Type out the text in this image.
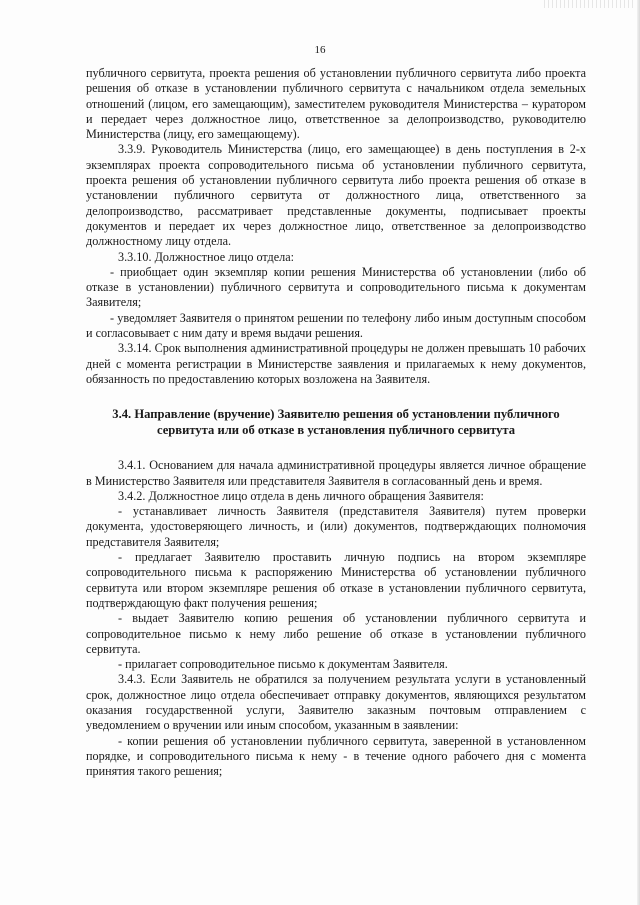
16

публичного сервитута, проекта решения об установлении публичного сервитута либо проекта решения об отказе в установлении публичного сервитута с начальником отдела земельных отношений (лицом, его замещающим), заместителем руководителя Министерства – куратором и передает через должностное лицо, ответственное за делопроизводство, руководителю Министерства (лицу, его замещающему).

3.3.9. Руководитель Министерства (лицо, его замещающее) в день поступления в 2-х экземплярах проекта сопроводительного письма об установлении публичного сервитута, проекта решения об установлении публичного сервитута либо проекта решения об отказе в установлении публичного сервитута от должностного лица, ответственного за делопроизводство, рассматривает представленные документы, подписывает проекты документов и передает их через должностное лицо, ответственное за делопроизводство должностному лицу отдела.

3.3.10. Должностное лицо отдела:

- приобщает один экземпляр копии решения Министерства об установлении (либо об отказе в установлении) публичного сервитута и сопроводительного письма к документам Заявителя;

- уведомляет Заявителя о принятом решении по телефону либо иным доступным способом и согласовывает с ним дату и время выдачи решения.

3.3.14. Срок выполнения административной процедуры не должен превышать 10 рабочих дней с момента регистрации в Министерстве заявления и прилагаемых к нему документов, обязанность по предоставлению которых возложена на Заявителя.

3.4. Направление (вручение) Заявителю решения об установлении публичного сервитута или об отказе в установления публичного сервитута

3.4.1. Основанием для начала административной процедуры является личное обращение в Министерство Заявителя или представителя Заявителя в согласованный день и время.

3.4.2. Должностное лицо отдела в день личного обращения Заявителя:

- устанавливает личность Заявителя (представителя Заявителя) путем проверки документа, удостоверяющего личность, и (или) документов, подтверждающих полномочия представителя Заявителя;

- предлагает Заявителю проставить личную подпись на втором экземпляре сопроводительного письма к распоряжению Министерства об установлении публичного сервитута или втором экземпляре решения об отказе в установлении публичного сервитута, подтверждающую факт получения решения;

- выдает Заявителю копию решения об установлении публичного сервитута и сопроводительное письмо к нему либо решение об отказе в установлении публичного сервитута.

- прилагает сопроводительное письмо к документам Заявителя.

3.4.3. Если Заявитель не обратился за получением результата услуги в установленный срок, должностное лицо отдела обеспечивает отправку документов, являющихся результатом оказания государственной услуги, Заявителю заказным почтовым отправлением с уведомлением о вручении или иным способом, указанным в заявлении:

- копии решения об установлении публичного сервитута, заверенной в установленном порядке, и сопроводительного письма к нему - в течение одного рабочего дня с момента принятия такого решения;
